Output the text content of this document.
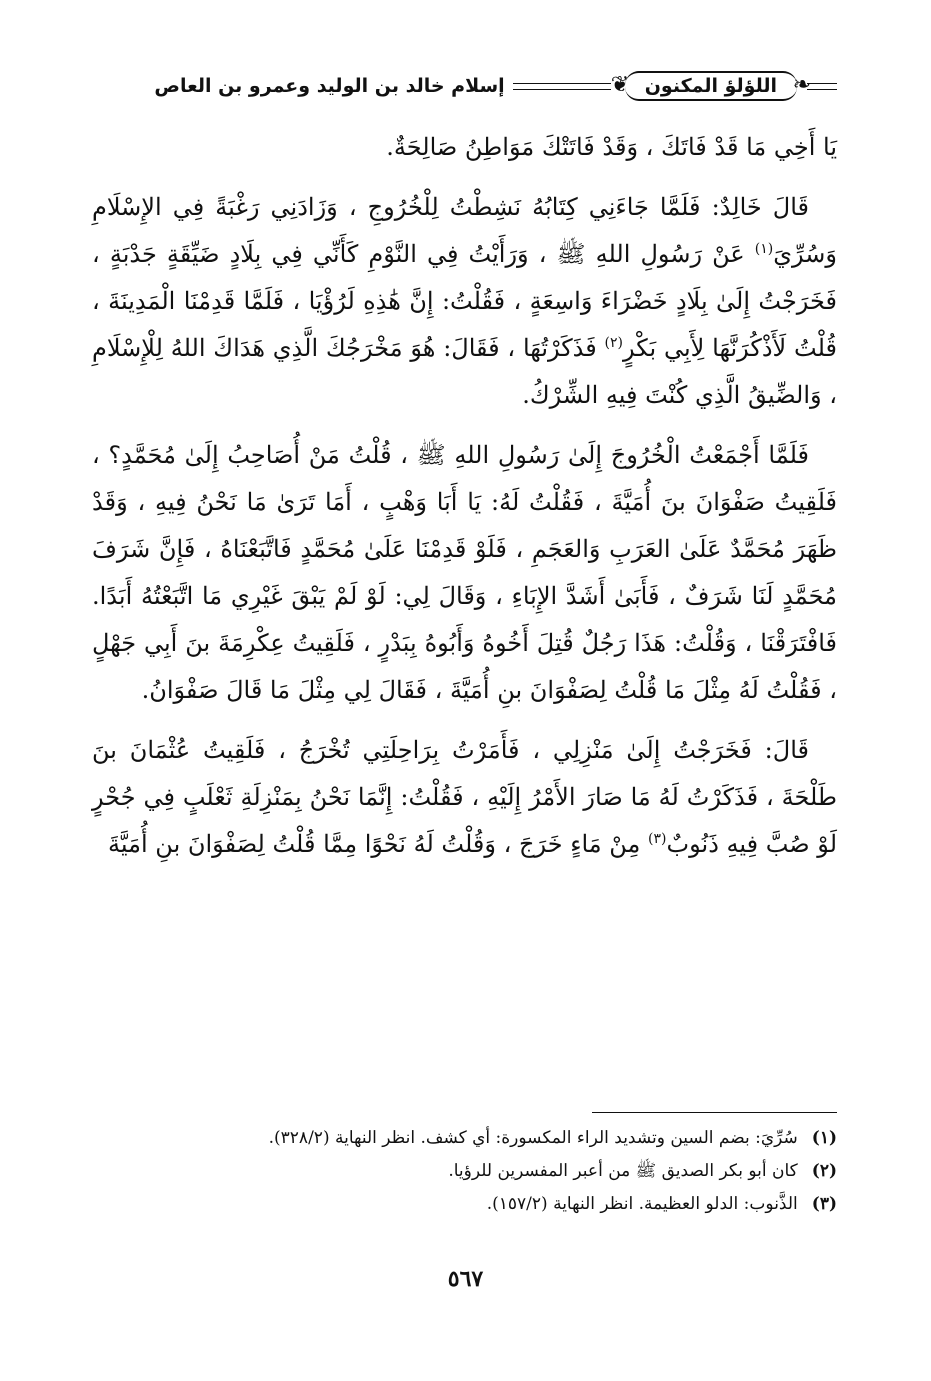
❧
اللؤلؤ المكنون
❦
إسلام خالد بن الوليد وعمرو بن العاص

يَا أَخِي مَا قَدْ فَاتَكَ ، وَقَدْ فَاتَتْكَ مَوَاطِنُ صَالِحَةٌ.

قَالَ خَالِدٌ: فَلَمَّا جَاءَنِي كِتَابُهُ نَشِطْتُ لِلْخُرُوجِ ، وَزَادَنِي رَغْبَةً فِي الإِسْلَامِ وَسُرِّيَ$^{(١)}$ عَنْ رَسُولِ اللهِ ﷺ ، وَرَأَيْتُ فِي النَّوْمِ كَأَنِّي فِي بِلَادٍ ضَيِّقَةٍ جَدْبَةٍ ، فَخَرَجْتُ إِلَىٰ بِلَادٍ خَضْرَاءَ وَاسِعَةٍ ، فَقُلْتُ: إِنَّ هَٰذِهِ لَرُؤْيَا ، فَلَمَّا قَدِمْنَا الْمَدِينَةَ ، قُلْتُ لَأَذْكُرَنَّهَا لِأَبِي بَكْرٍ$^{(٢)}$ فَذَكَرْتُهَا ، فَقَالَ: هُوَ مَخْرَجُكَ الَّذِي هَدَاكَ اللهُ لِلْإِسْلَامِ ، وَالضِّيقُ الَّذِي كُنْتَ فِيهِ الشِّرْكُ.

فَلَمَّا أَجْمَعْتُ الْخُرُوجَ إِلَىٰ رَسُولِ اللهِ ﷺ ، قُلْتُ مَنْ أُصَاحِبُ إِلَىٰ مُحَمَّدٍ؟ ، فَلَقِيتُ صَفْوَانَ بنَ أُمَيَّةَ ، فَقُلْتُ لَهُ: يَا أَبَا وَهْبٍ ، أَمَا تَرَىٰ مَا نَحْنُ فِيهِ ، وَقَدْ ظَهَرَ مُحَمَّدٌ عَلَىٰ العَرَبِ وَالعَجَمِ ، فَلَوْ قَدِمْنَا عَلَىٰ مُحَمَّدٍ فَاتَّبَعْنَاهُ ، فَإِنَّ شَرَفَ مُحَمَّدٍ لَنَا شَرَفٌ ، فَأَبَىٰ أَشَدَّ الإِبَاءِ ، وَقَالَ لِي: لَوْ لَمْ يَبْقَ غَيْرِي مَا اتَّبَعْتُهُ أَبَدًا. فَافْتَرَقْنَا ، وَقُلْتُ: هَذَا رَجُلٌ قُتِلَ أَخُوهُ وَأَبُوهُ بِبَدْرٍ ، فَلَقِيتُ عِكْرِمَةَ بنَ أَبِي جَهْلٍ ، فَقُلْتُ لَهُ مِثْلَ مَا قُلْتُ لِصَفْوَانَ بنِ أُمَيَّةَ ، فَقَالَ لِي مِثْلَ مَا قَالَ صَفْوَانُ.

قَالَ: فَخَرَجْتُ إِلَىٰ مَنْزِلِي ، فَأَمَرْتُ بِرَاحِلَتِي تُخْرَجُ ، فَلَقِيتُ عُثْمَانَ بنَ طَلْحَةَ ، فَذَكَرْتُ لَهُ مَا صَارَ الأَمْرُ إِلَيْهِ ، فَقُلْتُ: إِنَّمَا نَحْنُ بِمَنْزِلَةِ ثَعْلَبٍ فِي جُحْرٍ لَوْ صُبَّ فِيهِ ذَنُوبٌ$^{(٣)}$ مِنْ مَاءٍ خَرَجَ ، وَقُلْتُ لَهُ نَحْوًا مِمَّا قُلْتُ لِصَفْوَانَ بنِ أُمَيَّةَ

(١)
سُرِّيَ: بضم السين وتشديد الراء المكسورة: أي كشف. انظر النهاية (٣٢٨/٢).
(٢)
كان أبو بكر الصديق ﷺ من أعبر المفسرين للرؤيا.
(٣)
الذَّنوب: الدلو العظيمة. انظر النهاية (١٥٧/٢).
٥٦٧
